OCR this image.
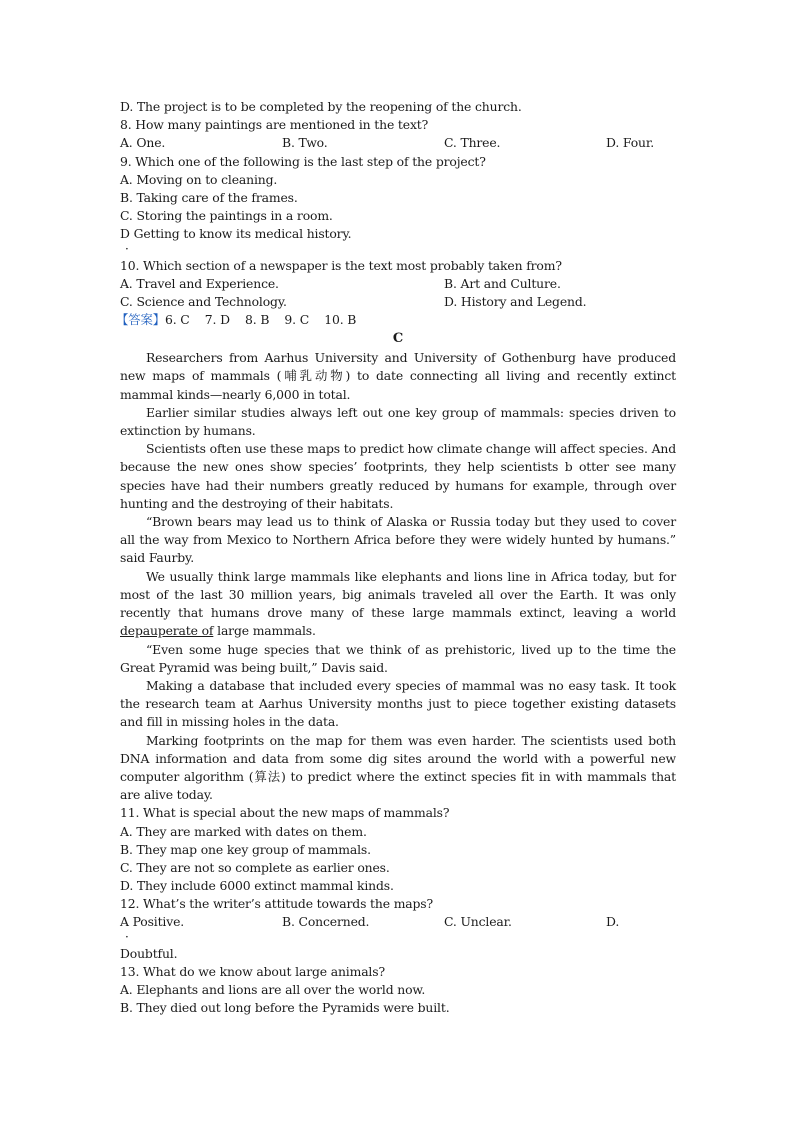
D. The project is to be completed by the reopening of the church.
8. How many paintings are mentioned in the text?
A. One.	B. Two.	C. Three.	D. Four.
9. Which one of the following is the last step of the project?
A. Moving on to cleaning.
B. Taking care of the frames.
C. Storing the paintings in a room.
D Getting to know its medical history.
·
10. Which section of a newspaper is the text most probably taken from?
A. Travel and Experience.	B. Art and Culture.
C. Science and Technology.	D. History and Legend.
【答案】6. C    7. D    8. B    9. C    10. B
C
Researchers from Aarhus University and University of Gothenburg have produced new maps of mammals (哺乳动物) to date connecting all living and recently extinct mammal kinds—nearly 6,000 in total.
Earlier similar studies always left out one key group of mammals: species driven to extinction by humans.
Scientists often use these maps to predict how climate change will affect species. And because the new ones show species’ footprints, they help scientists b otter see many species have had their numbers greatly reduced by humans for example, through over hunting and the destroying of their habitats.
“Brown bears may lead us to think of Alaska or Russia today but they used to cover all the way from Mexico to Northern Africa before they were widely hunted by humans.” said Faurby.
We usually think large mammals like elephants and lions line in Africa today, but for most of the last 30 million years, big animals traveled all over the Earth. It was only recently that humans drove many of these large mammals extinct, leaving a world depauperate of large mammals.
“Even some huge species that we think of as prehistoric, lived up to the time the Great Pyramid was being built,” Davis said.
Making a database that included every species of mammal was no easy task. It took the research team at Aarhus University months just to piece together existing datasets and fill in missing holes in the data.
Marking footprints on the map for them was even harder. The scientists used both DNA information and data from some dig sites around the world with a powerful new computer algorithm (算法) to predict where the extinct species fit in with mammals that are alive today.
11. What is special about the new maps of mammals?
A. They are marked with dates on them.
B. They map one key group of mammals.
C. They are not so complete as earlier ones.
D. They include 6000 extinct mammal kinds.
12. What’s the writer’s attitude towards the maps?
A Positive.	B. Concerned.	C. Unclear.	D.
·
Doubtful.
13. What do we know about large animals?
A. Elephants and lions are all over the world now.
B. They died out long before the Pyramids were built.
